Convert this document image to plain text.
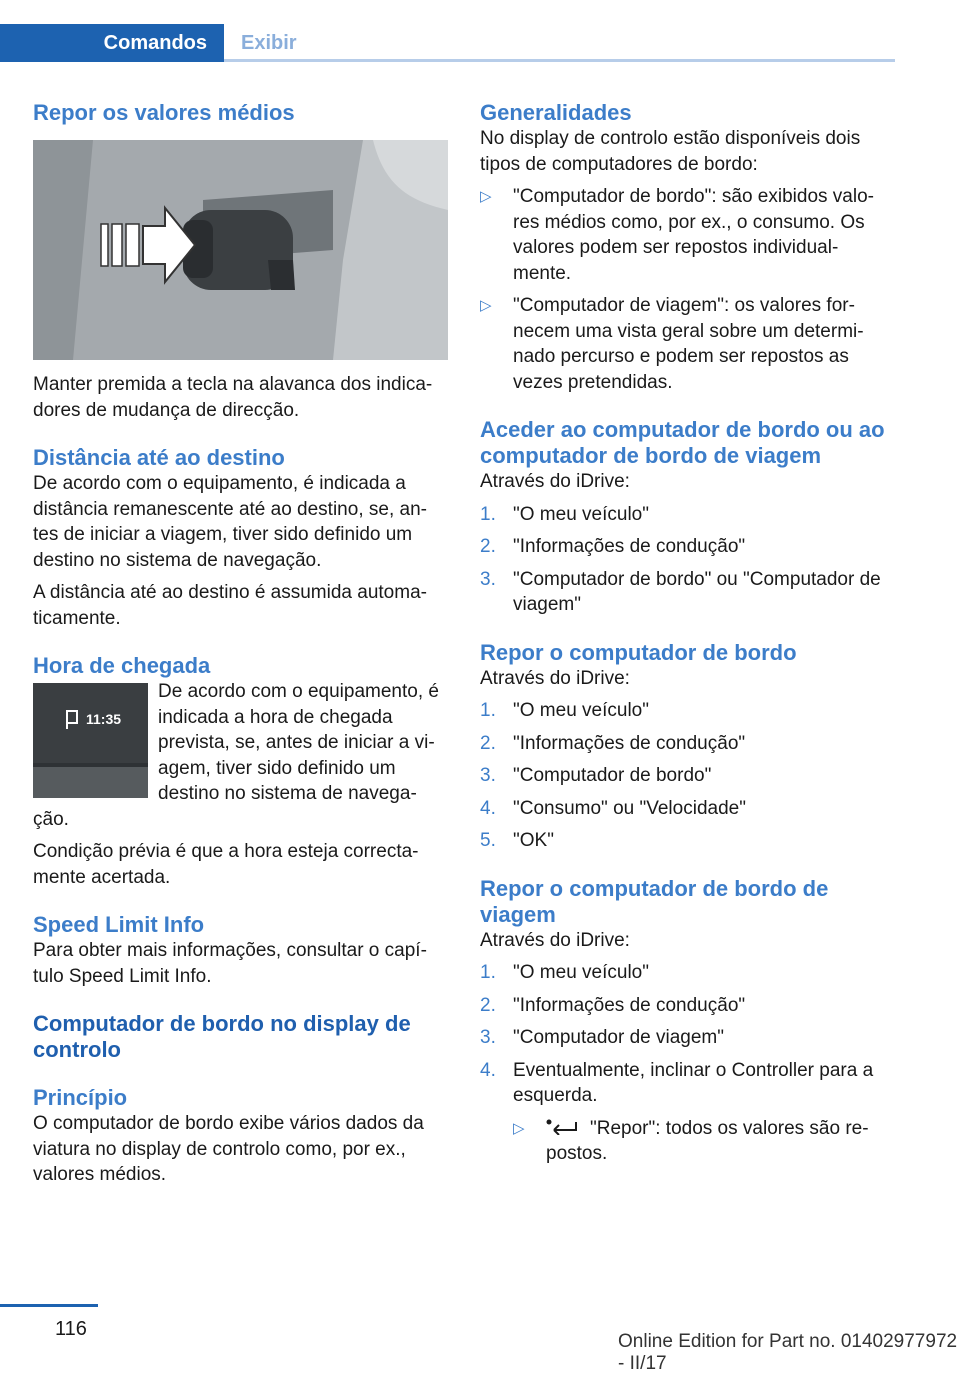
Comandos	Exibir
Repor os valores médios

Manter premida a tecla na alavanca dos indica-dores de mudança de direcção.

Distância até ao destino

De acordo com o equipamento, é indicada a distância remanescente até ao destino, se, an-tes de iniciar a viagem, tiver sido definido um destino no sistema de navegação.

A distância até ao destino é assumida automa-ticamente.

Hora de chegada
11:35

De acordo com o equipamento, é indicada a hora de chegada prevista, se, antes de iniciar a vi-agem, tiver sido definido um destino no sistema de navega-ção.

Condição prévia é que a hora esteja correcta-mente acertada.

Speed Limit Info

Para obter mais informações, consultar o capí-tulo Speed Limit Info.

Computador de bordo no display de controlo
Princípio

O computador de bordo exibe vários dados da viatura no display de controlo como, por ex., valores médios.

Generalidades

No display de controlo estão disponíveis dois tipos de computadores de bordo:

▷ "Computador de bordo": são exibidos valo-res médios como, por ex., o consumo. Os valores podem ser repostos individual-mente.
▷ "Computador de viagem": os valores for-necem uma vista geral sobre um determi-nado percurso e podem ser repostos as vezes pretendidas.
Aceder ao computador de bordo ou ao computador de bordo de viagem

Através do iDrive:

1. "O meu veículo"
2. "Informações de condução"
3. "Computador de bordo" ou "Computador de viagem"
Repor o computador de bordo

Através do iDrive:

1. "O meu veículo"
2. "Informações de condução"
3. "Computador de bordo"
4. "Consumo" ou "Velocidade"
5. "OK"
Repor o computador de bordo de viagem

Através do iDrive:

1. "O meu veículo"
2. "Informações de condução"
3. "Computador de viagem"
4. Eventualmente, inclinar o Controller para a esquerda.
▷	"Repor": todos os valores são re-postos.
116
Online Edition for Part no. 01402977972 - II/17
